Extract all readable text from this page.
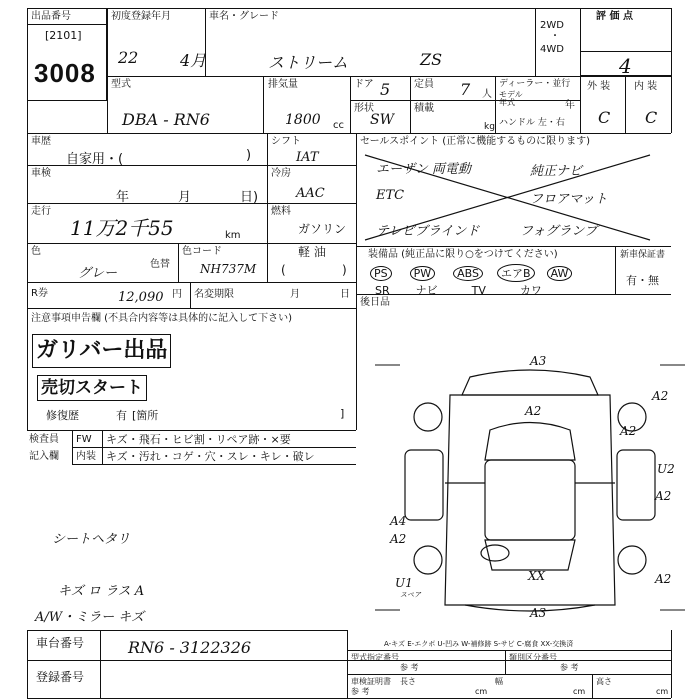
出品番号
[2101]
3008
初度登録年月
22	4月
車名・グレード
ストリーム	ZS
2WD
・
4WD
評 価 点
4
外 装 内 装
C C
型式
DBA - RN6
排気量
1800 cc
ドア 5 定員 7 人
ディーラー・並行
モデル年式	年
形状
SW
積載
kg ハンドル 左・右
車歴
自家用・(	)
シフト
IAT
車検
年	月	日)
冷房
AAC
走行
11万2千55	km
燃料
ガソリン
軽 油
(	)
色
グレー
色替
色コード
NH737M
R券	12,090 円 名変期限	月	日
セールスポイント (正常に機能するものに限ります)
エーザン 両電動	純正ナビ
ETC	フロアマット
テレビブラインド	フォグランプ
装備品 (純正品に限り○をつけてください)
PS PW ABS エアB AW
SR ナビ	TV	カワ
新車保証書
有・無
後日品
注意事項申告欄 (不具合内容等は具体的に記入して下さい)
ガリバー出品
売切スタート
修復歴	有 [箇所	]
検査員
記入欄
FW キズ・飛石・ヒビ割・リペア跡・×要
内装 キズ・汚れ・コゲ・穴・スレ・キレ・破レ
シートヘタリ
キズ ロ ラス A
A/W・ミラー キズ
A3
A2
A2
A2
U2
A2
A4
A2
XX
U1
A3
A2
スペア
A-キズ E-エクボ U-凹み W-補修跡 S-サビ C-腐食 XX-交換済
車台番号	RN6 - 3122326
登録番号
型式指定番号
参 考
類別区分番号
参 考
車検証明書
参 考
長さ
cm
幅
cm
高さ
cm
